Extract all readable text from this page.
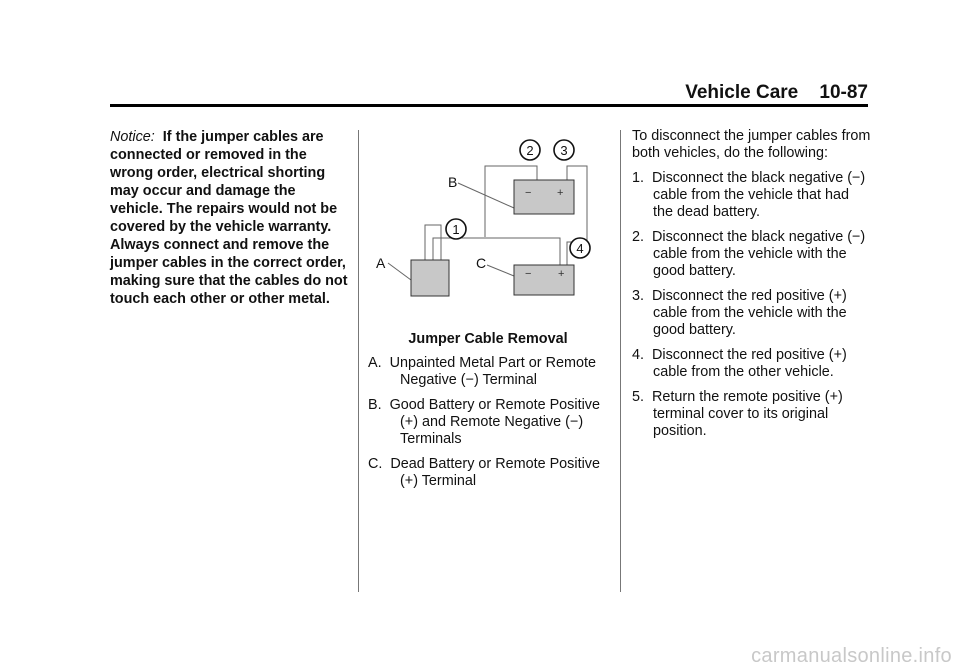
Vehicle Care 10-87
Notice: If the jumper cables are connected or removed in the wrong order, electrical shorting may occur and damage the vehicle. The repairs would not be covered by the vehicle warranty. Always connect and remove the jumper cables in the correct order, making sure that the cables do not touch each other or other metal.
− +
− +
A
B
C
1
2 3
4
Jumper Cable Removal
A. Unpainted Metal Part or Remote Negative (−) Terminal
B. Good Battery or Remote Positive (+) and Remote Negative (−) Terminals
C. Dead Battery or Remote Positive (+) Terminal

To disconnect the jumper cables from both vehicles, do the following:

1. Disconnect the black negative (−) cable from the vehicle that had the dead battery.
2. Disconnect the black negative (−) cable from the vehicle with the good battery.
3. Disconnect the red positive (+) cable from the vehicle with the good battery.
4. Disconnect the red positive (+) cable from the other vehicle.
5. Return the remote positive (+) terminal cover to its original position.
carmanualsonline.info
